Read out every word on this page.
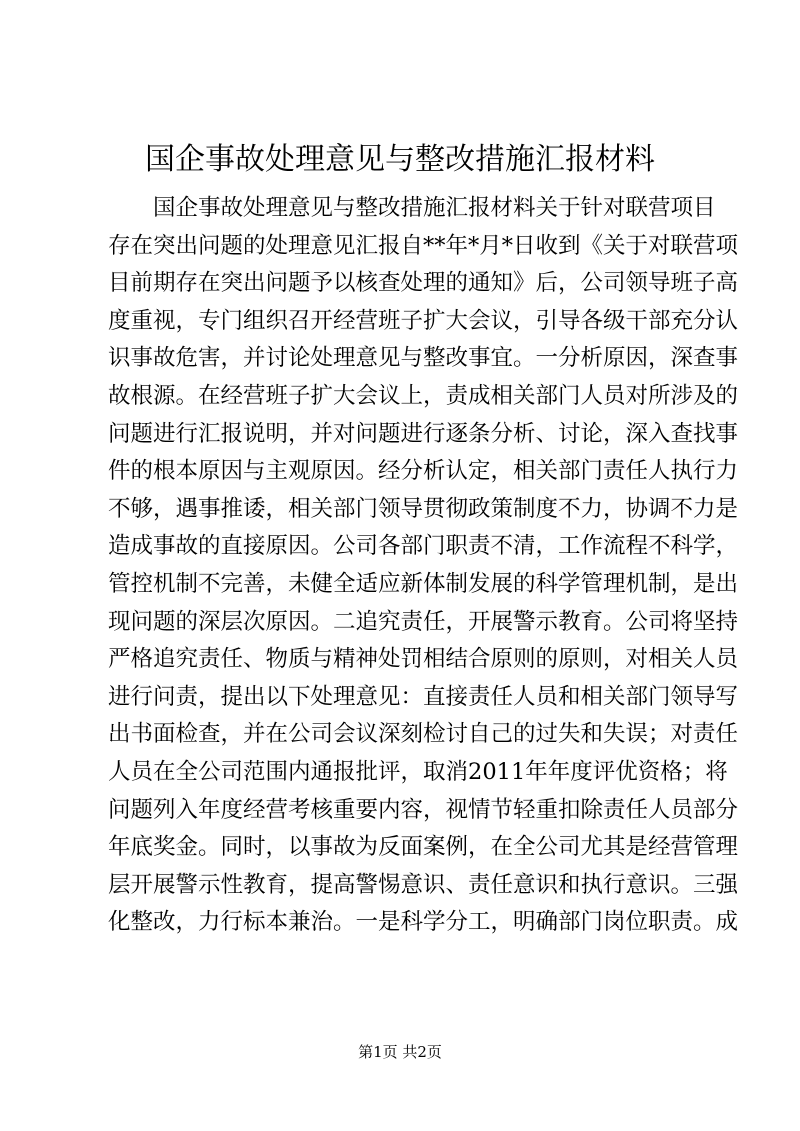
国企事故处理意见与整改措施汇报材料
国企事故处理意见与整改措施汇报材料关于针对联营项目
存在突出问题的处理意见汇报自**年*月*日收到《关于对联营项
目前期存在突出问题予以核查处理的通知》后，公司领导班子高
度重视，专门组织召开经营班子扩大会议，引导各级干部充分认
识事故危害，并讨论处理意见与整改事宜。一分析原因，深查事
故根源。在经营班子扩大会议上，责成相关部门人员对所涉及的
问题进行汇报说明，并对问题进行逐条分析、讨论，深入查找事
件的根本原因与主观原因。经分析认定，相关部门责任人执行力
不够，遇事推诿，相关部门领导贯彻政策制度不力，协调不力是
造成事故的直接原因。公司各部门职责不清，工作流程不科学，
管控机制不完善，未健全适应新体制发展的科学管理机制，是出
现问题的深层次原因。二追究责任，开展警示教育。公司将坚持
严格追究责任、物质与精神处罚相结合原则的原则，对相关人员
进行问责，提出以下处理意见：直接责任人员和相关部门领导写
出书面检查，并在公司会议深刻检讨自己的过失和失误；对责任
人员在全公司范围内通报批评，取消2011年年度评优资格；将
问题列入年度经营考核重要内容，视情节轻重扣除责任人员部分
年底奖金。同时，以事故为反面案例，在全公司尤其是经营管理
层开展警示性教育，提高警惕意识、责任意识和执行意识。三强
化整改，力行标本兼治。一是科学分工，明确部门岗位职责。成
第1页 共2页
